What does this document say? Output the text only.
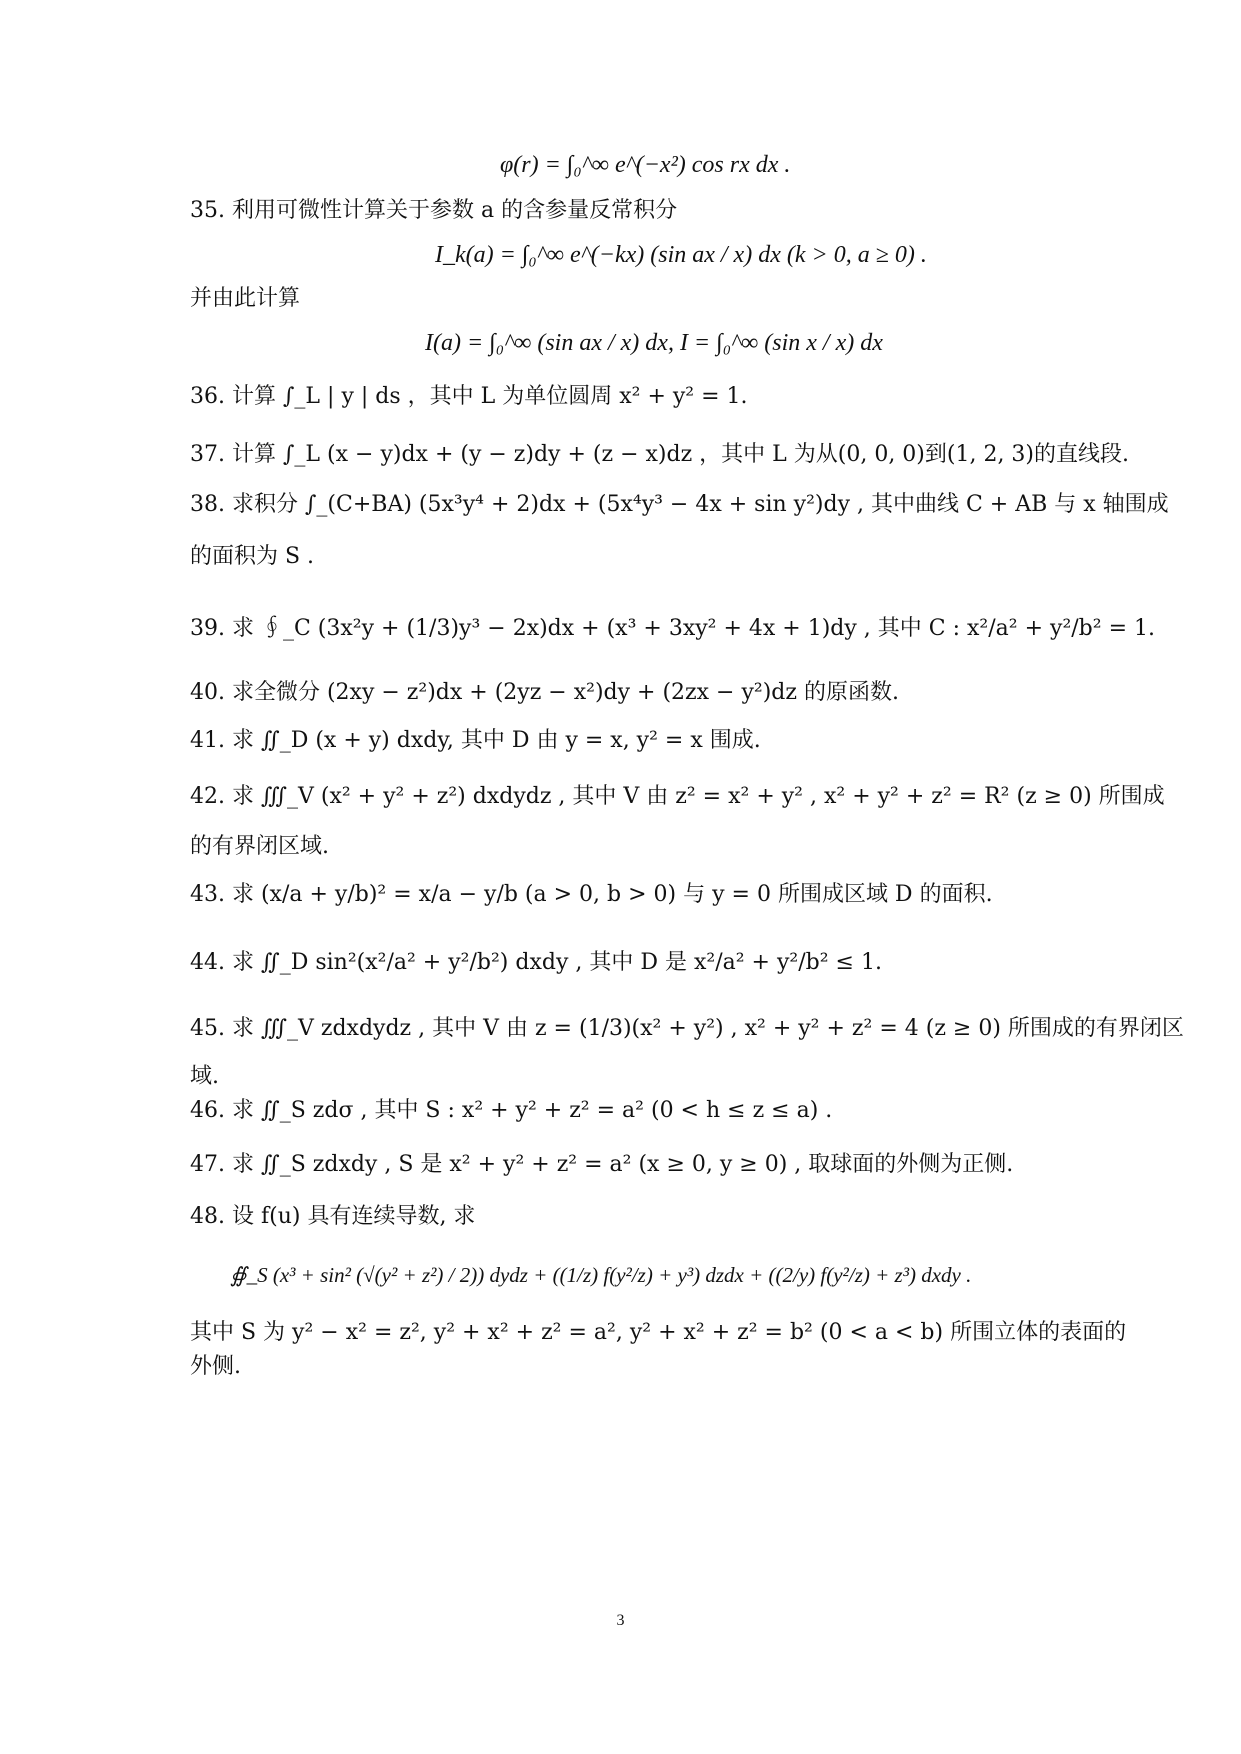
φ(r) = ∫₀^∞ e^(−x²) cos rx dx .
35. 利用可微性计算关于参数 a 的含参量反常积分
I_k(a) = ∫₀^∞ e^(−kx) (sin ax / x) dx (k > 0, a ≥ 0) .
并由此计算
I(a) = ∫₀^∞ (sin ax / x) dx, I = ∫₀^∞ (sin x / x) dx
36. 计算 ∫_L | y | ds ，其中 L 为单位圆周 x² + y² = 1.
37. 计算 ∫_L (x − y)dx + (y − z)dy + (z − x)dz ，其中 L 为从(0, 0, 0)到(1, 2, 3)的直线段.
38. 求积分 ∫_(C+BA) (5x³y⁴ + 2)dx + (5x⁴y³ − 4x + sin y²)dy , 其中曲线 C + AB 与 x 轴围成
的面积为 S .
39. 求 ∮_C (3x²y + (1/3)y³ − 2x)dx + (x³ + 3xy² + 4x + 1)dy , 其中 C : x²/a² + y²/b² = 1.
40. 求全微分 (2xy − z²)dx + (2yz − x²)dy + (2zx − y²)dz 的原函数.
41. 求 ∬_D (x + y) dxdy, 其中 D 由 y = x, y² = x 围成.
42. 求 ∭_V (x² + y² + z²) dxdydz , 其中 V 由 z² = x² + y² , x² + y² + z² = R² (z ≥ 0) 所围成
的有界闭区域.
43. 求 (x/a + y/b)² = x/a − y/b (a > 0, b > 0) 与 y = 0 所围成区域 D 的面积.
44. 求 ∬_D sin²(x²/a² + y²/b²) dxdy , 其中 D 是 x²/a² + y²/b² ≤ 1.
45. 求 ∭_V zdxdydz , 其中 V 由 z = (1/3)(x² + y²) , x² + y² + z² = 4 (z ≥ 0) 所围成的有界闭区
域.
46. 求 ∬_S zdσ , 其中 S : x² + y² + z² = a² (0 < h ≤ z ≤ a) .
47. 求 ∬_S zdxdy , S 是 x² + y² + z² = a² (x ≥ 0, y ≥ 0) , 取球面的外侧为正侧.
48. 设 f(u) 具有连续导数, 求
∯_S (x³ + sin² (√(y² + z²) / 2)) dydz + ((1/z) f(y²/z) + y³) dzdx + ((2/y) f(y²/z) + z³) dxdy .
其中 S 为 y² − x² = z², y² + x² + z² = a², y² + x² + z² = b² (0 < a < b) 所围立体的表面的
外侧.
3
